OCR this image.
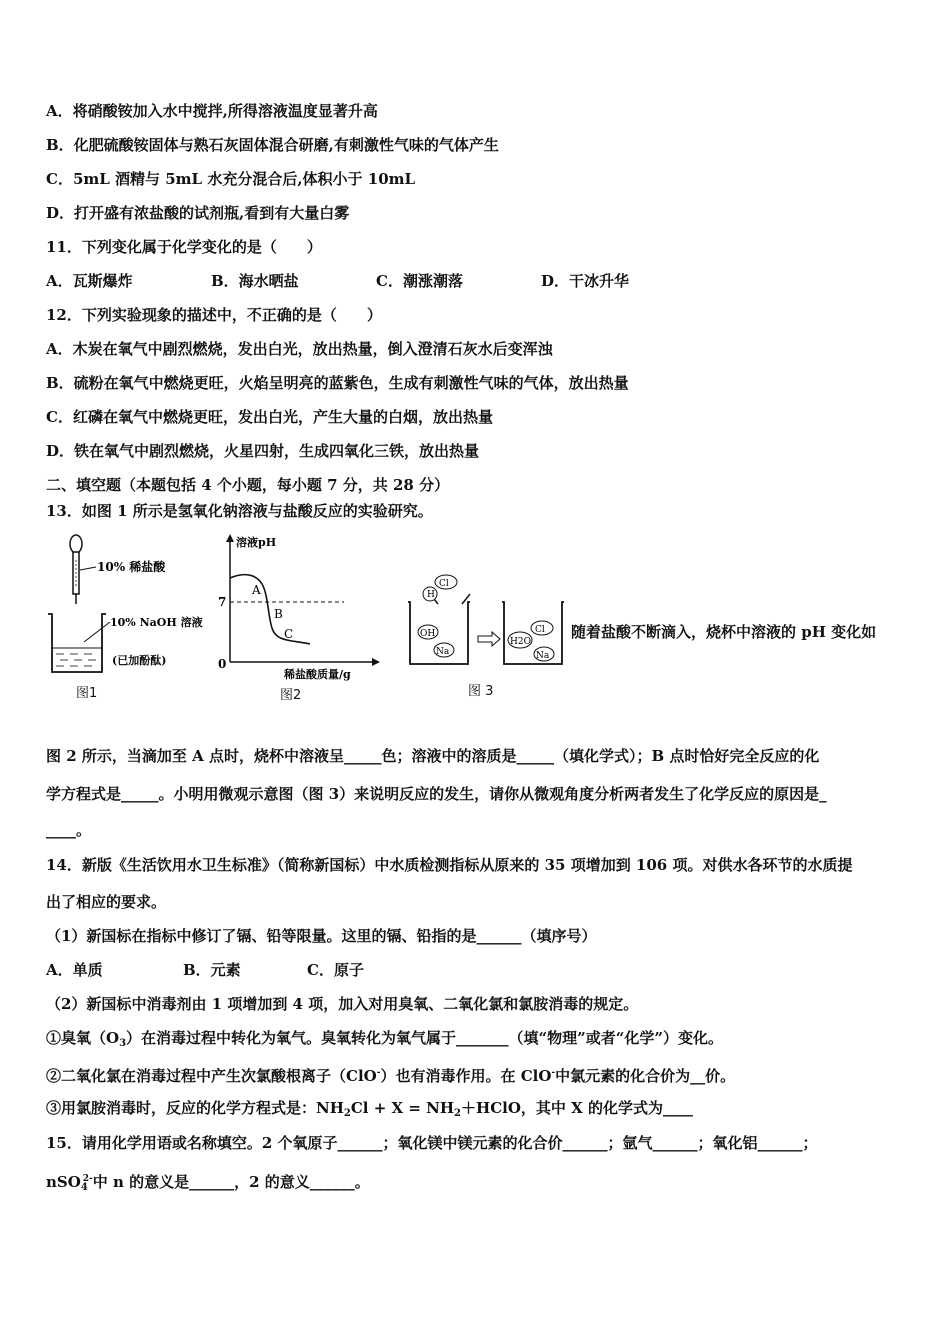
A．将硝酸铵加入水中搅拌,所得溶液温度显著升高
B．化肥硫酸铵固体与熟石灰固体混合研磨,有刺激性气味的气体产生
C．5mL 酒精与 5mL 水充分混合后,体积小于 10mL
D．打开盛有浓盐酸的试剂瓶,看到有大量白雾
11．下列变化属于化学变化的是（　　）
A．瓦斯爆炸	B．海水晒盐	C．潮涨潮落	D．干冰升华
12．下列实验现象的描述中，不正确的是（　　）
A．木炭在氧气中剧烈燃烧，发出白光，放出热量，倒入澄清石灰水后变浑浊
B．硫粉在氧气中燃烧更旺，火焰呈明亮的蓝紫色，生成有刺激性气味的气体，放出热量
C．红磷在氧气中燃烧更旺，发出白光，产生大量的白烟，放出热量
D．铁在氧气中剧烈燃烧，火星四射，生成四氧化三铁，放出热量
二、填空题（本题包括 4 个小题，每小题 7 分，共 28 分）
13．如图 1 所示是氢氧化钠溶液与盐酸反应的实验研究。
10% 稀盐酸
10% NaOH 溶液
(已加酚酞)
图1
溶液pH
7
0
A
B
C
稀盐酸质量/g
图2
Cl
H
OH
Na
Cl
H2O
Na
图 3
随着盐酸不断滴入，烧杯中溶液的 pH 变化如
图 2 所示，当滴加至 A 点时，烧杯中溶液呈_____色；溶液中的溶质是_____（填化学式）；B 点时恰好完全反应的化
学方程式是_____。小明用微观示意图（图 3）来说明反应的发生，请你从微观角度分析两者发生了化学反应的原因是_
____。
14．新版《生活饮用水卫生标准》（简称新国标）中水质检测指标从原来的 35 项增加到 106 项。对供水各环节的水质提
出了相应的要求。
（1）新国标在指标中修订了镉、铅等限量。这里的镉、铅指的是______（填序号）
A．单质	B．元素	C．原子
（2）新国标中消毒剂由 1 项增加到 4 项，加入对用臭氧、二氧化氯和氯胺消毒的规定。
①臭氧$(O_3)$在消毒过程中转化为氧气。臭氧转化为氧气属于_______（填“物理”或者“化学”）变化。
②二氧化氯在消毒过程中产生次氯酸根离子（ClO-）也有消毒作用。在 ClO-中氯元素的化合价为__价。
③用氯胺消毒时，反应的化学方程式是：$NH_2Cl + X$ = $NH_2+HClO$，其中 X 的化学式为____
15．请用化学用语或名称填空。2 个氧原子______；氧化镁中镁元素的化合价______；氩气______；氧化铝______；
nSO$_4^{2-}$中 n 的意义是______，2 的意义______。
